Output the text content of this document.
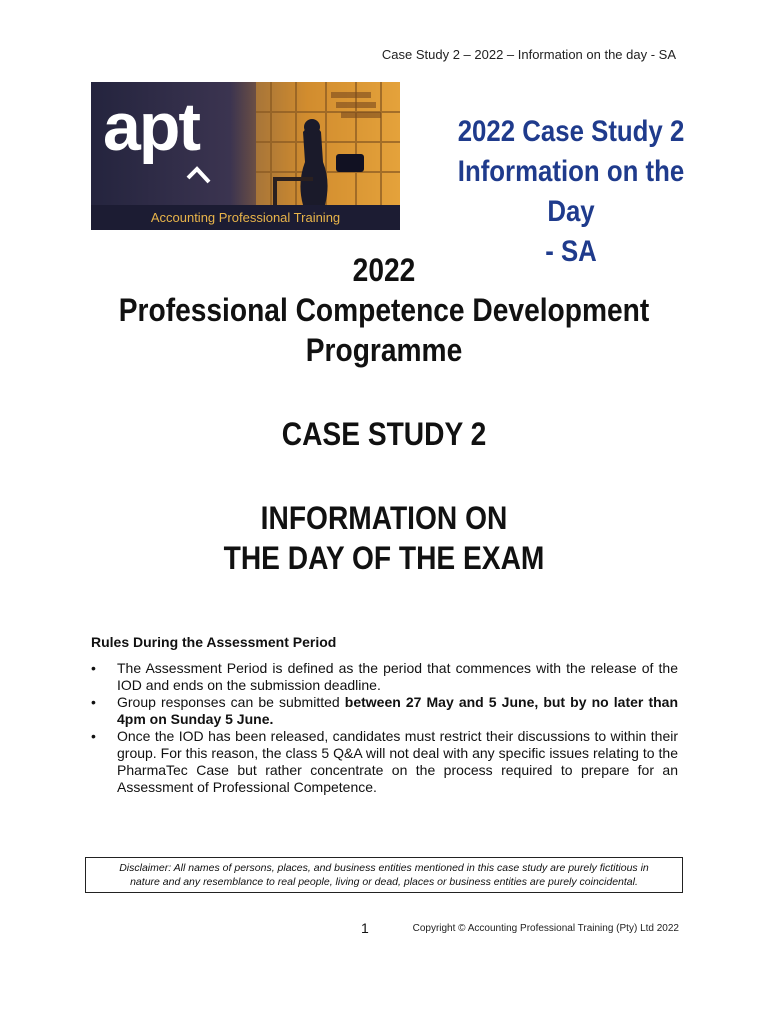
Case Study 2 – 2022 – Information on the day - SA
apt
Accounting Professional Training
2022 Case Study 2
Information on the Day
- SA
2022
Professional Competence Development
Programme
CASE STUDY 2
INFORMATION ON
THE DAY OF THE EXAM
Rules During the Assessment Period
• The Assessment Period is defined as the period that commences with the release of the IOD and ends on the submission deadline.
• Group responses can be submitted between 27 May and 5 June, but by no later than 4pm on Sunday 5 June.
• Once the IOD has been released, candidates must restrict their discussions to within their group. For this reason, the class 5 Q&A will not deal with any specific issues relating to the PharmaTec Case but rather concentrate on the process required to prepare for an Assessment of Professional Competence.
Disclaimer: All names of persons, places, and business entities mentioned in this case study are purely fictitious in
nature and any resemblance to real people, living or dead, places or business entities are purely coincidental.
1	Copyright © Accounting Professional Training (Pty) Ltd 2022
